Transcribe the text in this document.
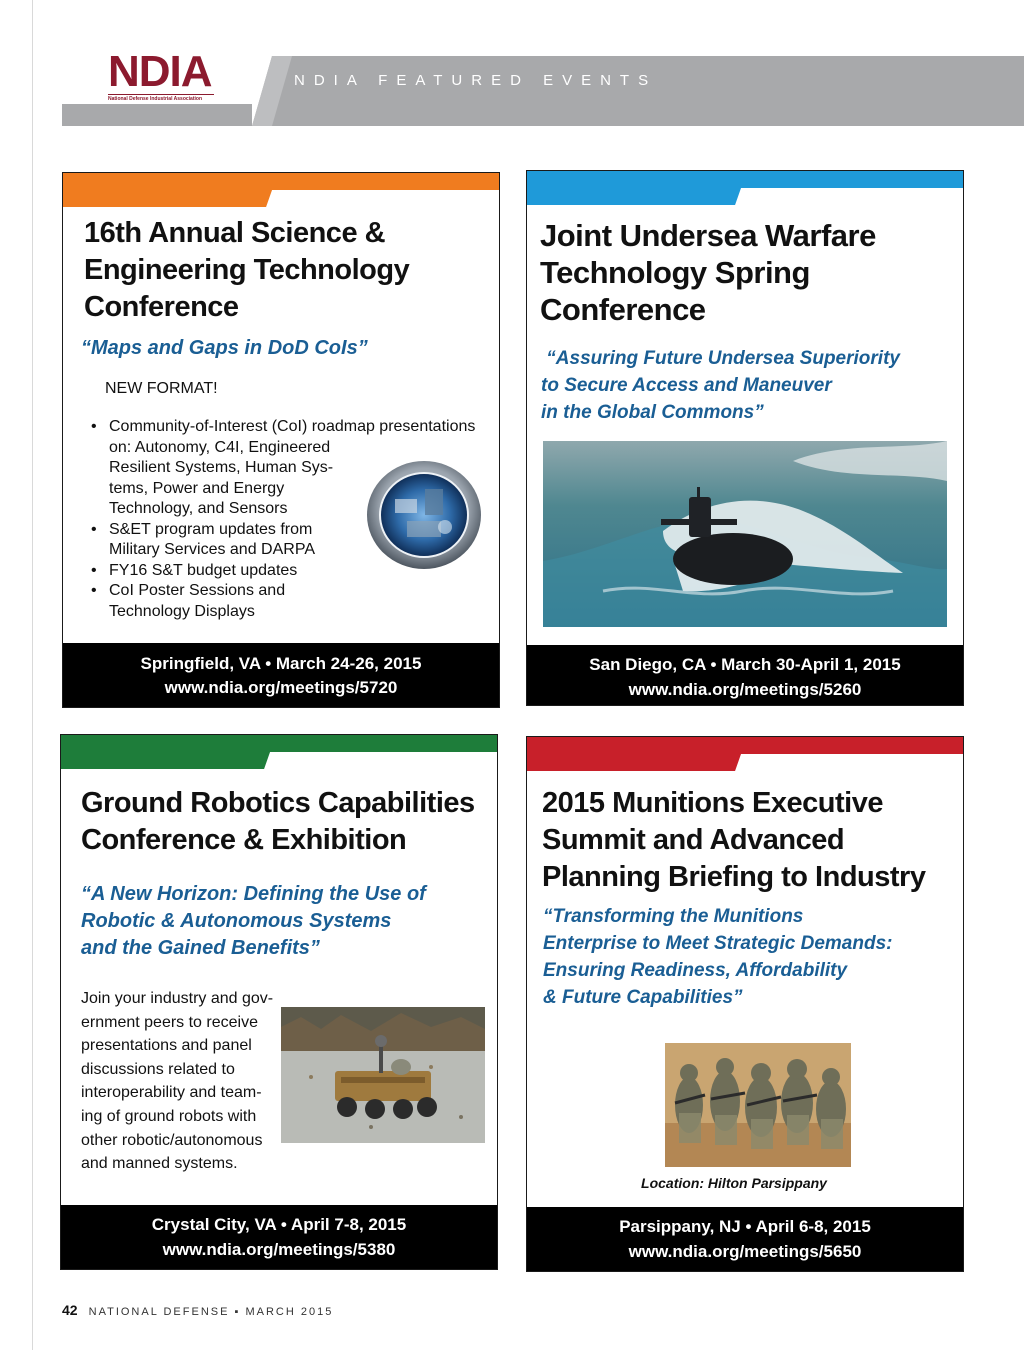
NDIA
National Defense Industrial Association
NDIA FEATURED EVENTS
16th Annual Science &
Engineering Technology
Conference
“Maps and Gaps in DoD CoIs”
NEW FORMAT!
• Community-of-Interest (CoI) roadmap presentations
on: Autonomy, C4I, Engineered
Resilient Systems, Human Sys-
tems, Power and Energy
Technology, and Sensors
• S&ET program updates from
Military Services and DARPA
• FY16 S&T budget updates
• CoI Poster Sessions and
Technology Displays
Springfield, VA • March 24-26, 2015
www.ndia.org/meetings/5720
Joint Undersea Warfare
Technology Spring
Conference
“Assuring Future Undersea Superiority
to Secure Access and Maneuver
in the Global Commons”
San Diego, CA • March 30-April 1, 2015
www.ndia.org/meetings/5260
Ground Robotics Capabilities
Conference & Exhibition
“A New Horizon: Defining the Use of
Robotic & Autonomous Systems
and the Gained Benefits”
Join your industry and gov-
ernment peers to receive
presentations and panel
discussions related to
interoperability and team-
ing of ground robots with
other robotic/autonomous
and manned systems.
Crystal City, VA • April 7-8, 2015
www.ndia.org/meetings/5380
2015 Munitions Executive
Summit and Advanced
Planning Briefing to Industry
“Transforming the Munitions
Enterprise to Meet Strategic Demands:
Ensuring Readiness, Affordability
& Future Capabilities”
Location: Hilton Parsippany
Parsippany, NJ • April 6-8, 2015
www.ndia.org/meetings/5650
42 NATIONAL DEFENSE ▪ MARCH 2015
